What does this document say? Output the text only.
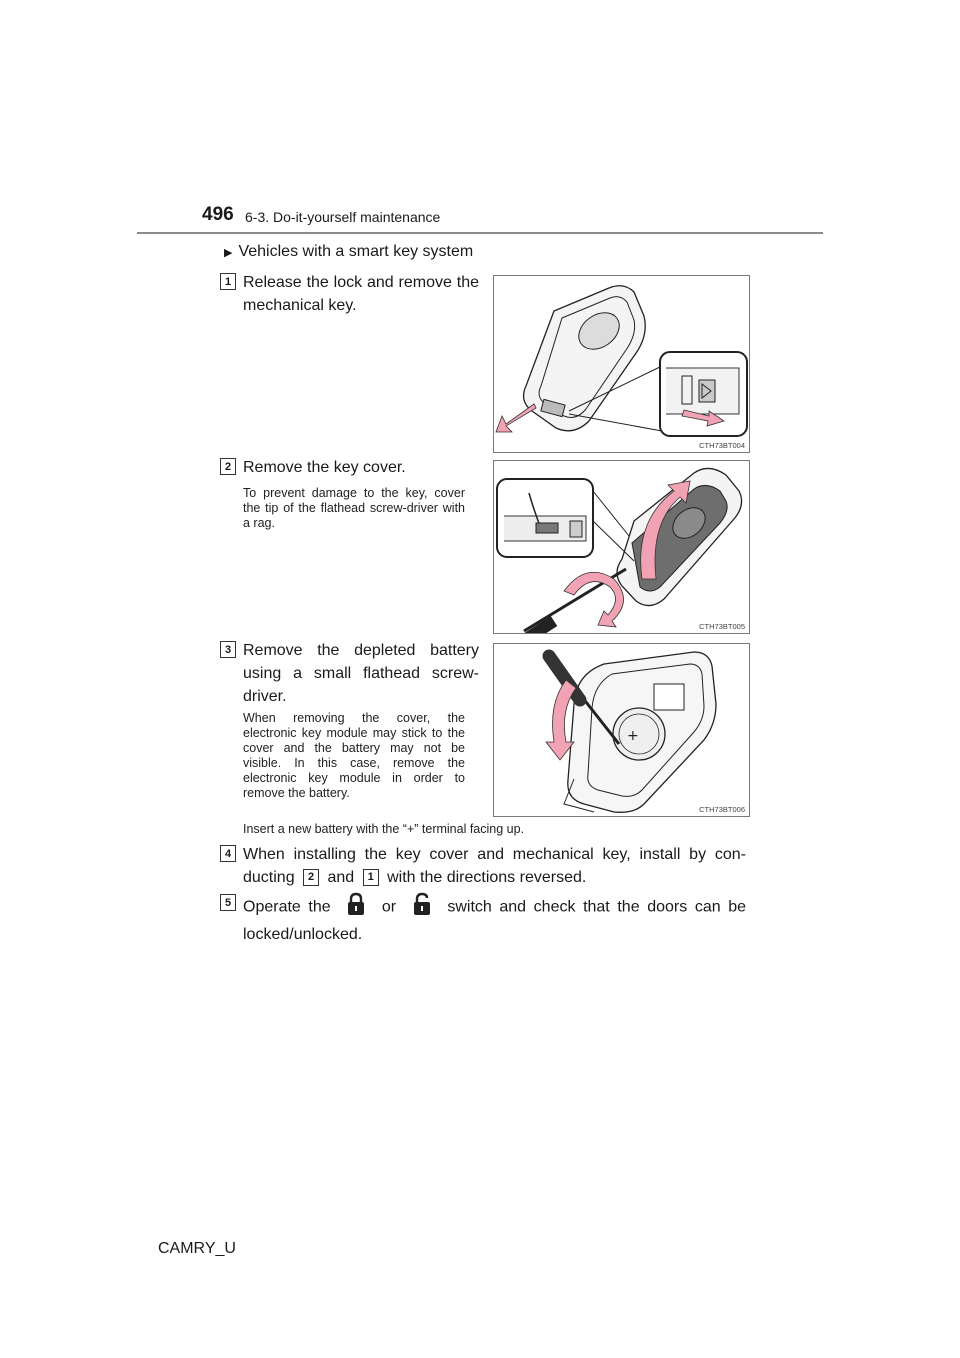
496 6-3. Do-it-yourself maintenance
▶ Vehicles with a smart key system
1 Release the lock and remove the mechanical key.
CTH73BT004
2 Remove the key cover.
To prevent damage to the key, cover the tip of the flathead screw-driver with a rag.
CTH73BT005
3 Remove the depleted battery using a small flathead screw-driver.
When removing the cover, the electronic key module may stick to the cover and the battery may not be visible. In this case, remove the electronic key module in order to remove the battery.
Insert a new battery with the “+” terminal facing up.
+
CTH73BT006
4 When installing the key cover and mechanical key, install by con-ducting 2 and 1 with the directions reversed.
5 Operate the	or	switch and check that the doors can be locked/unlocked.
CAMRY_U
